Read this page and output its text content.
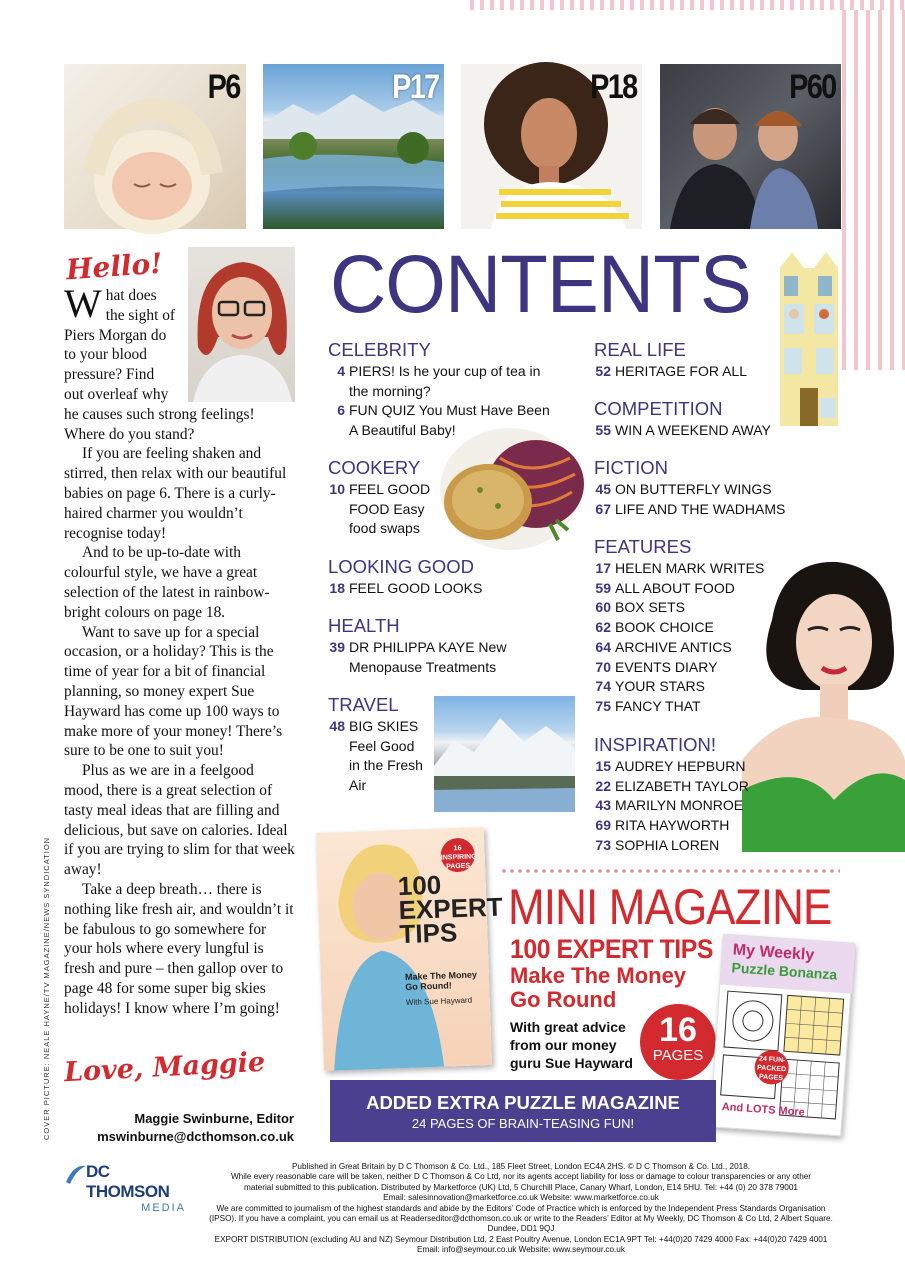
P6	P17	P18	P60
Hello!

W hat does the sight of Piers Morgan do to your blood pressure? Find out overleaf why
he causes such strong feelings! Where do you stand?

If you are feeling shaken and stirred, then relax with our beautiful babies on page 6. There is a curly-haired charmer you wouldn’t recognise today!

And to be up-to-date with colourful style, we have a great selection of the latest in rainbow-bright colours on page 18.

Want to save up for a special occasion, or a holiday? This is the time of year for a bit of financial planning, so money expert Sue Hayward has come up 100 ways to make more of your money! There’s sure to be one to suit you!

Plus as we are in a feelgood mood, there is a great selection of tasty meal ideas that are filling and delicious, but save on calories. Ideal if you are trying to slim for that week away!

Take a deep breath… there is nothing like fresh air, and wouldn’t it be fabulous to go somewhere for your hols where every lungful is fresh and pure – then gallop over to page 48 for some super big skies holidays! I know where I’m going!

Love, Maggie
Maggie Swinburne, Editor
mswinburne@dcthomson.co.uk
COVER PICTURE: NEALE HAYNE/TV MAGAZINE/NEWS SYNDICATION
CONTENTS
CELEBRITY
4 PIERS! Is he your cup of tea in the morning?
6 FUN QUIZ You Must Have Been A Beautiful Baby!
COOKERY
10 FEEL GOOD FOOD Easy food swaps
LOOKING GOOD
18 FEEL GOOD LOOKS
HEALTH
39 DR PHILIPPA KAYE New Menopause Treatments
TRAVEL
48 BIG SKIES Feel Good in the Fresh Air
REAL LIFE
52 HERITAGE FOR ALL
COMPETITION
55 WIN A WEEKEND AWAY
FICTION
45 ON BUTTERFLY WINGS
67 LIFE AND THE WADHAMS
FEATURES
17 HELEN MARK WRITES
59 ALL ABOUT FOOD
60 BOX SETS
62 BOOK CHOICE
64 ARCHIVE ANTICS
70 EVENTS DIARY
74 YOUR STARS
75 FANCY THAT
INSPIRATION!
15 AUDREY HEPBURN
22 ELIZABETH TAYLOR
43 MARILYN MONROE
69 RITA HAYWORTH
73 SOPHIA LOREN
16 INSPIRING PAGES
100 EXPERT TIPS
Make The Money Go Round!
With Sue Hayward
MINI MAGAZINE
100 EXPERT TIPS
Make The Money Go Round
With great advice from our money guru Sue Hayward
16
PAGES
My Weekly
Puzzle Bonanza
24 FUN-PACKED PAGES
And LOTS More
ADDED EXTRA PUZZLE MAGAZINE
24 PAGES OF BRAIN-TEASING FUN!
DC THOMSON
MEDIA
Published in Great Britain by D C Thomson & Co. Ltd., 185 Fleet Street, London EC4A 2HS. © D C Thomson & Co. Ltd., 2018.
While every reasonable care will be taken, neither D C Thomson & Co Ltd, nor its agents accept liability for loss or damage to colour transparencies or any other
material submitted to this publication. Distributed by Marketforce (UK) Ltd, 5 Churchill Place, Canary Wharf, London, E14 5HU. Tel: +44 (0) 20 378 79001
Email: salesinnovation@marketforce.co.uk Website: www.marketforce.co.uk
We are committed to journalism of the highest standards and abide by the Editors’ Code of Practice which is enforced by the Independent Press Standards Organisation
(IPSO). If you have a complaint, you can email us at Readerseditor@dcthomson.co.uk or write to the Readers’ Editor at My Weekly, DC Thomson & Co Ltd, 2 Albert Square. Dundee, DD1 9QJ
EXPORT DISTRIBUTION (excluding AU and NZ) Seymour Distribution Ltd, 2 East Poultry Avenue, London EC1A 9PT Tel: +44(0)20 7429 4000 Fax: +44(0)20 7429 4001
Email: info@seymour.co.uk Website: www.seymour.co.uk
